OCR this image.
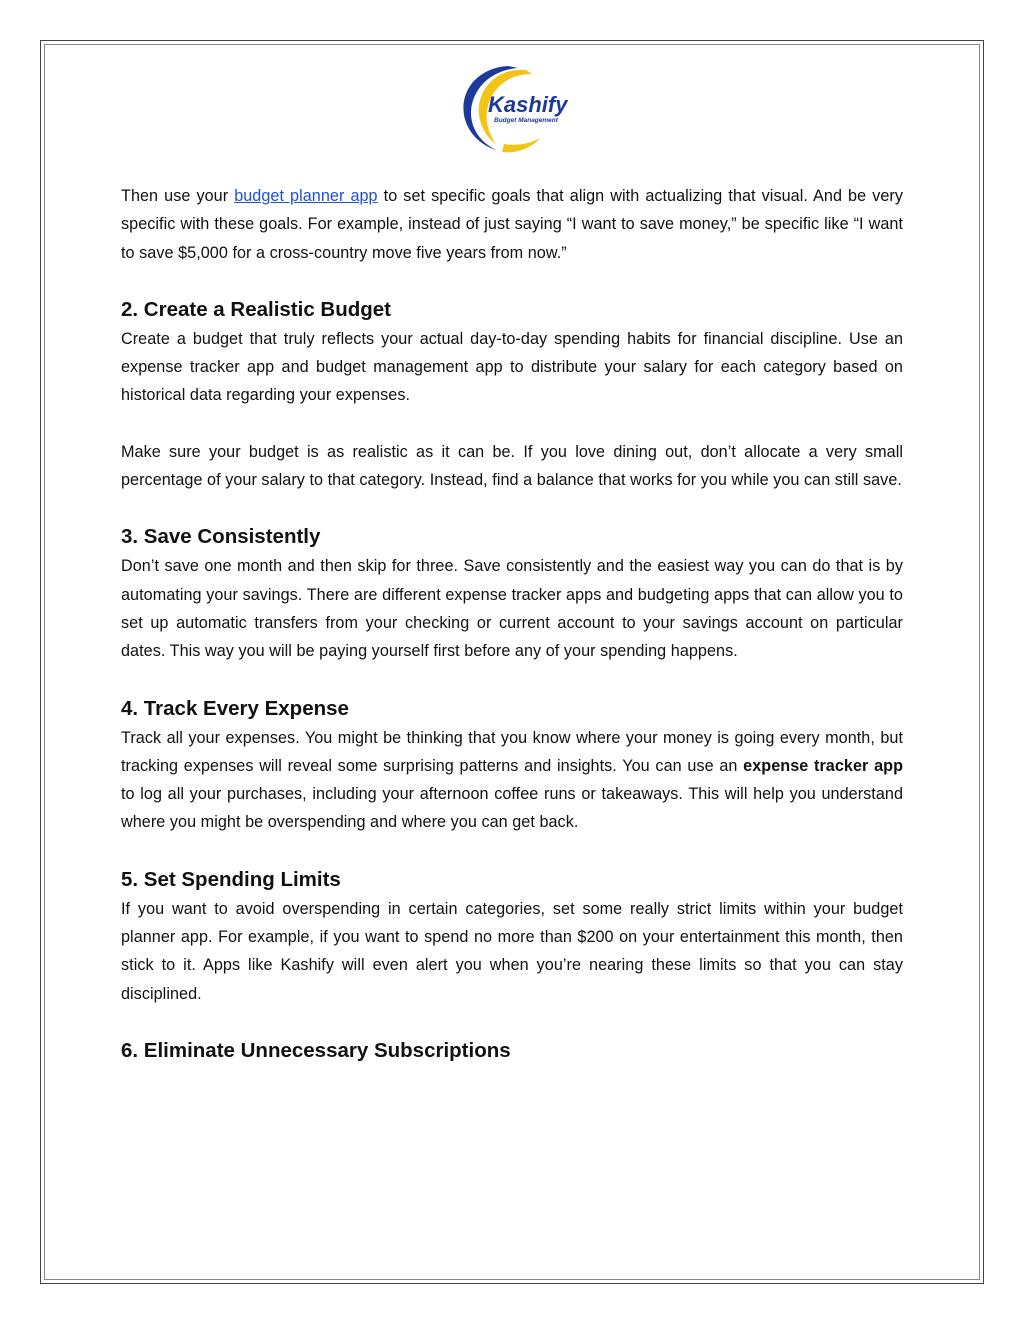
Kashify
Budget Management

Then use your budget planner app to set specific goals that align with actualizing that visual. And be very specific with these goals. For example, instead of just saying “I want to save money,” be specific like “I want to save $5,000 for a cross-country move five years from now.”

2. Create a Realistic Budget

Create a budget that truly reflects your actual day-to-day spending habits for financial discipline. Use an expense tracker app and budget management app to distribute your salary for each category based on historical data regarding your expenses.

Make sure your budget is as realistic as it can be. If you love dining out, don’t allocate a very small percentage of your salary to that category. Instead, find a balance that works for you while you can still save.

3. Save Consistently

Don’t save one month and then skip for three. Save consistently and the easiest way you can do that is by automating your savings. There are different expense tracker apps and budgeting apps that can allow you to set up automatic transfers from your checking or current account to your savings account on particular dates. This way you will be paying yourself first before any of your spending happens.

4. Track Every Expense

Track all your expenses. You might be thinking that you know where your money is going every month, but tracking expenses will reveal some surprising patterns and insights. You can use an expense tracker app to log all your purchases, including your afternoon coffee runs or takeaways. This will help you understand where you might be overspending and where you can get back.

5. Set Spending Limits

If you want to avoid overspending in certain categories, set some really strict limits within your budget planner app. For example, if you want to spend no more than $200 on your entertainment this month, then stick to it. Apps like Kashify will even alert you when you’re nearing these limits so that you can stay disciplined.

6. Eliminate Unnecessary Subscriptions
